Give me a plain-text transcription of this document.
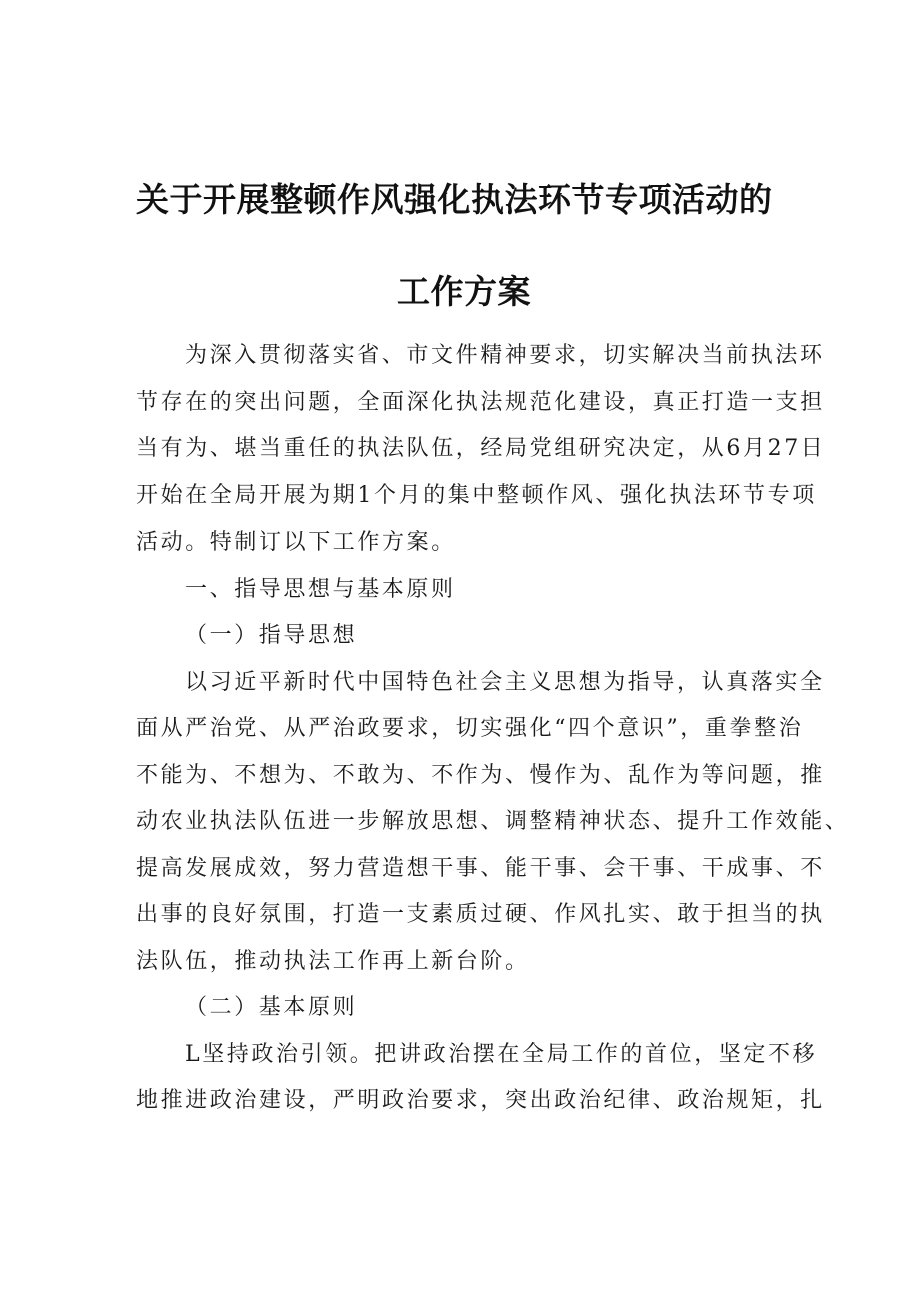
关于开展整顿作风强化执法环节专项活动的
工作方案
为深入贯彻落实省、市文件精神要求，切实解决当前执法环
节存在的突出问题，全面深化执法规范化建设，真正打造一支担
当有为、堪当重任的执法队伍，经局党组研究决定，从6月27日
开始在全局开展为期1个月的集中整顿作风、强化执法环节专项
活动。特制订以下工作方案。
一、指导思想与基本原则
（一）指导思想
以习近平新时代中国特色社会主义思想为指导，认真落实全
面从严治党、从严治政要求，切实强化“四个意识”，重拳整治
不能为、不想为、不敢为、不作为、慢作为、乱作为等问题，推
动农业执法队伍进一步解放思想、调整精神状态、提升工作效能、
提高发展成效，努力营造想干事、能干事、会干事、干成事、不
出事的良好氛围，打造一支素质过硬、作风扎实、敢于担当的执
法队伍，推动执法工作再上新台阶。
（二）基本原则
L坚持政治引领。把讲政治摆在全局工作的首位，坚定不移
地推进政治建设，严明政治要求，突出政治纪律、政治规矩，扎
